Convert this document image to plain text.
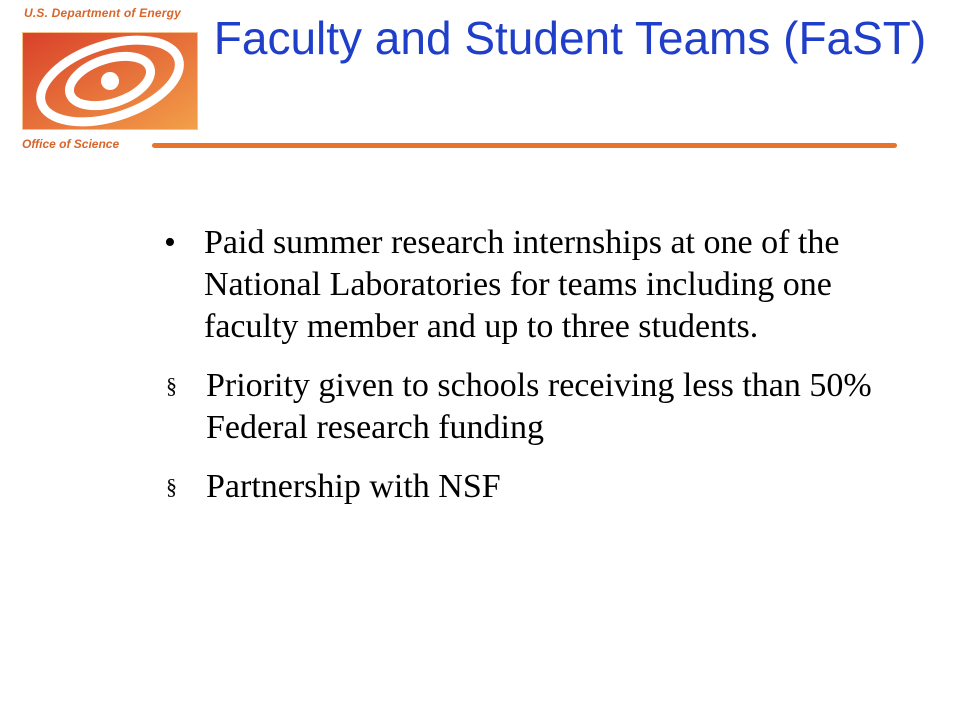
U.S. Department of Energy
Office of Science
Faculty and Student Teams (FaST)
• Paid summer research internships at one of the National Laboratories for teams including one faculty member and up to three students.
§ Priority given to schools receiving less than 50% Federal research funding
§ Partnership with NSF
